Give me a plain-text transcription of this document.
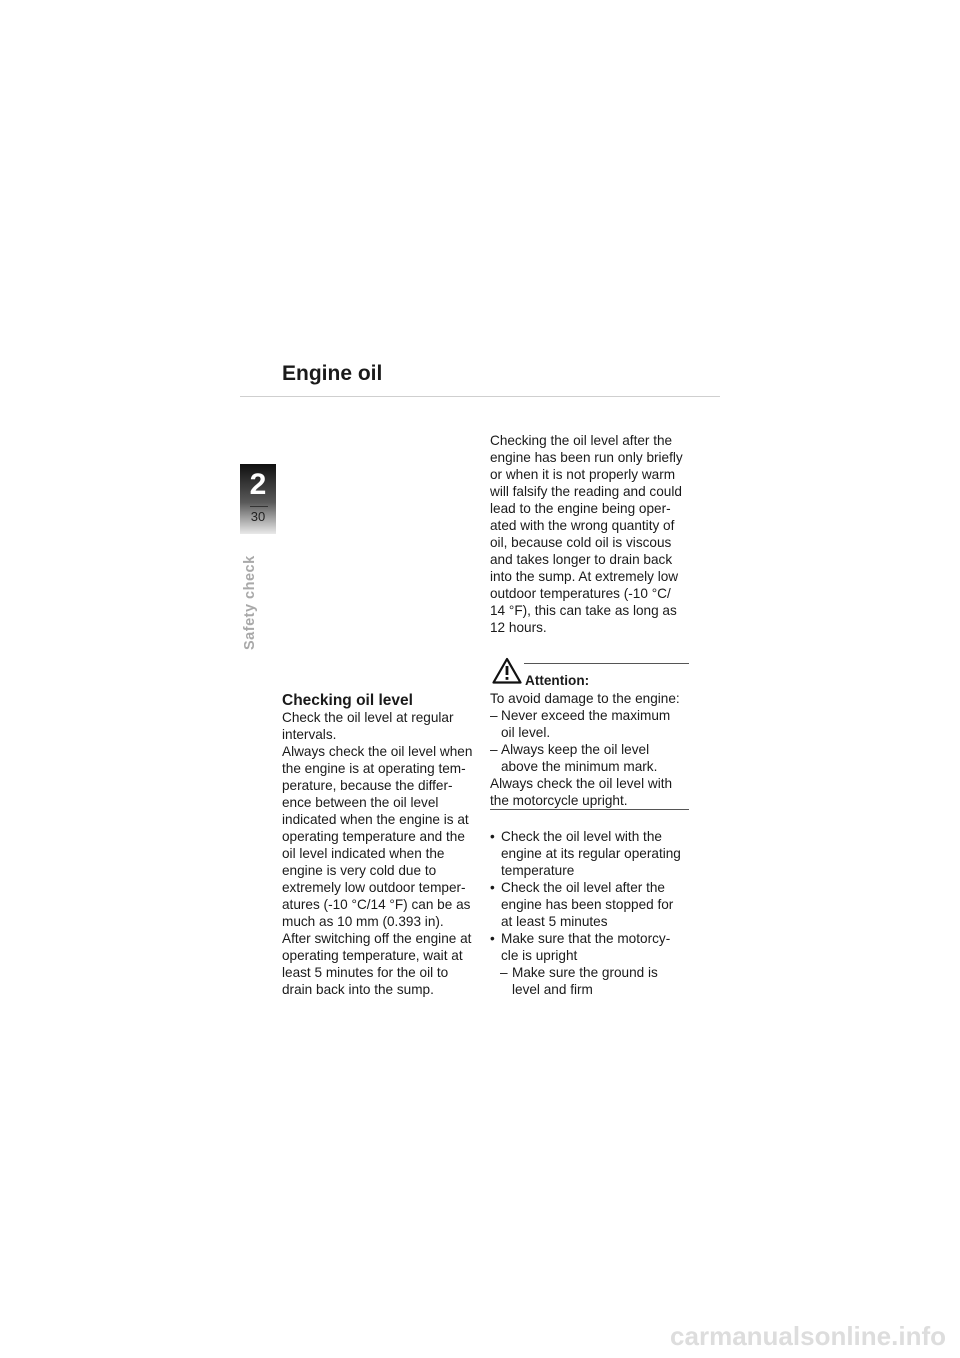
Engine oil
2
30
Safety check
Checking oil level
Check the oil level at regular
intervals.
Always check the oil level when
the engine is at operating tem-
perature, because the differ-
ence between the oil level
indicated when the engine is at
operating temperature and the
oil level indicated when the
engine is very cold due to
extremely low outdoor temper-
atures (-10 °C/14 °F) can be as
much as 10 mm (0.393 in).
After switching off the engine at
operating temperature, wait at
least 5 minutes for the oil to
drain back into the sump.
Checking the oil level after the
engine has been run only briefly
or when it is not properly warm
will falsify the reading and could
lead to the engine being oper-
ated with the wrong quantity of
oil, because cold oil is viscous
and takes longer to drain back
into the sump. At extremely low
outdoor temperatures (-10 °C/
14 °F), this can take as long as
12 hours.
Attention:
To avoid damage to the engine:
– Never exceed the maximum
oil level.
– Always keep the oil level
above the minimum mark.
Always check the oil level with
the motorcycle upright.
• Check the oil level with the
engine at its regular operating
temperature
• Check the oil level after the
engine has been stopped for
at least 5 minutes
• Make sure that the motorcy-
cle is upright
– Make sure the ground is
level and firm
carmanualsonline.info
